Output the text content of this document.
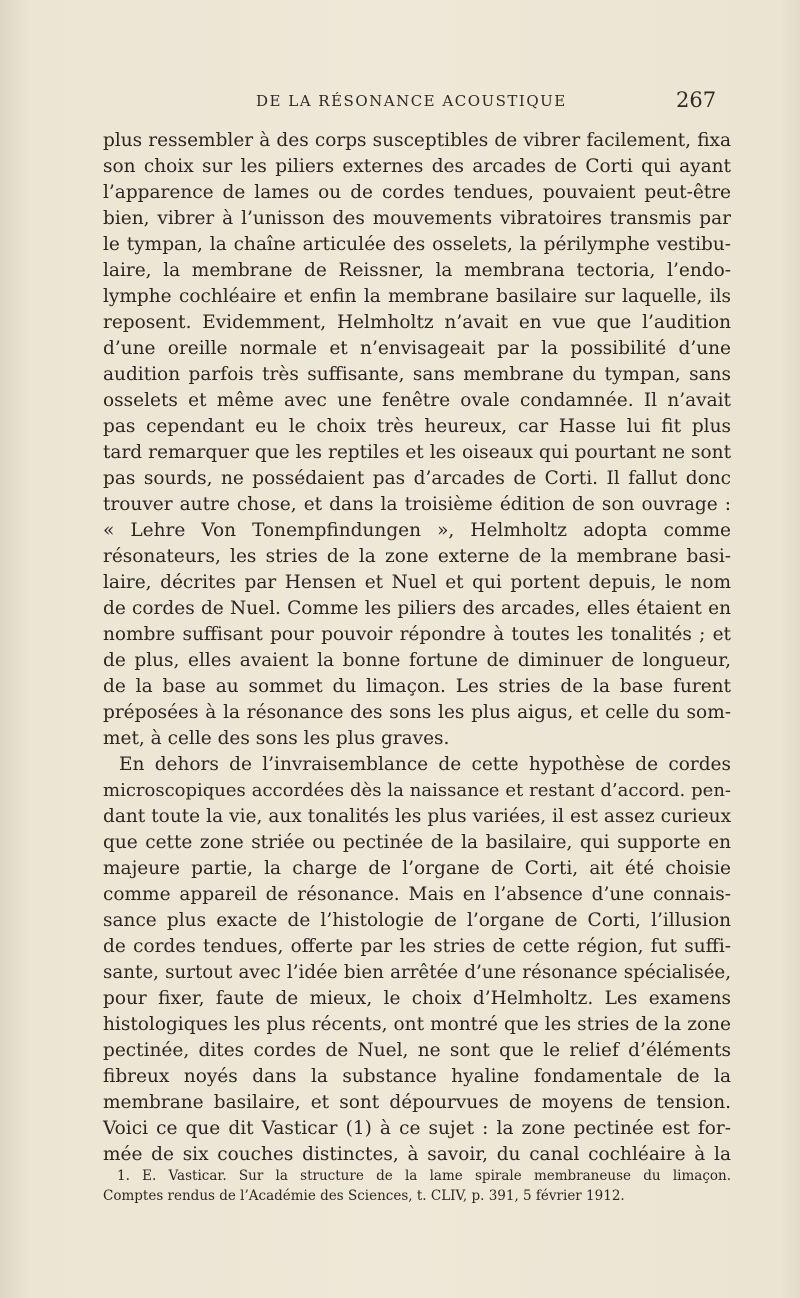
DE LA RÉSONANCE ACOUSTIQUE	267
plus ressembler à des corps susceptibles de vibrer facilement, fixa
son choix sur les piliers externes des arcades de Corti qui ayant
l’apparence de lames ou de cordes tendues, pouvaient peut-être
bien, vibrer à l’unisson des mouvements vibratoires transmis par
le tympan, la chaîne articulée des osselets, la périlymphe vestibu-
laire, la membrane de Reissner, la membrana tectoria, l’endo-
lymphe cochléaire et enfin la membrane basilaire sur laquelle, ils
reposent. Evidemment, Helmholtz n’avait en vue que l’audition
d’une oreille normale et n’envisageait par la possibilité d’une
audition parfois très suffisante, sans membrane du tympan, sans
osselets et même avec une fenêtre ovale condamnée. Il n’avait
pas cependant eu le choix très heureux, car Hasse lui fit plus
tard remarquer que les reptiles et les oiseaux qui pourtant ne sont
pas sourds, ne possédaient pas d’arcades de Corti. Il fallut donc
trouver autre chose, et dans la troisième édition de son ouvrage :
« Lehre Von Tonempfindungen », Helmholtz adopta comme
résonateurs, les stries de la zone externe de la membrane basi-
laire, décrites par Hensen et Nuel et qui portent depuis, le nom
de cordes de Nuel. Comme les piliers des arcades, elles étaient en
nombre suffisant pour pouvoir répondre à toutes les tonalités ; et
de plus, elles avaient la bonne fortune de diminuer de longueur,
de la base au sommet du limaçon. Les stries de la base furent
préposées à la résonance des sons les plus aigus, et celle du som-
met, à celle des sons les plus graves.
En dehors de l’invraisemblance de cette hypothèse de cordes
microscopiques accordées dès la naissance et restant d’accord. pen-
dant toute la vie, aux tonalités les plus variées, il est assez curieux
que cette zone striée ou pectinée de la basilaire, qui supporte en
majeure partie, la charge de l’organe de Corti, ait été choisie
comme appareil de résonance. Mais en l’absence d’une connais-
sance plus exacte de l’histologie de l’organe de Corti, l’illusion
de cordes tendues, offerte par les stries de cette région, fut suffi-
sante, surtout avec l’idée bien arrêtée d’une résonance spécialisée,
pour fixer, faute de mieux, le choix d’Helmholtz. Les examens
histologiques les plus récents, ont montré que les stries de la zone
pectinée, dites cordes de Nuel, ne sont que le relief d’éléments
fibreux noyés dans la substance hyaline fondamentale de la
membrane basilaire, et sont dépourvues de moyens de tension.
Voici ce que dit Vasticar (1) à ce sujet : la zone pectinée est for-
mée de six couches distinctes, à savoir, du canal cochléaire à la
1. E. Vasticar. Sur la structure de la lame spirale membraneuse du limaçon.
Comptes rendus de l’Académie des Sciences, t. CLIV, p. 391, 5 février 1912.
